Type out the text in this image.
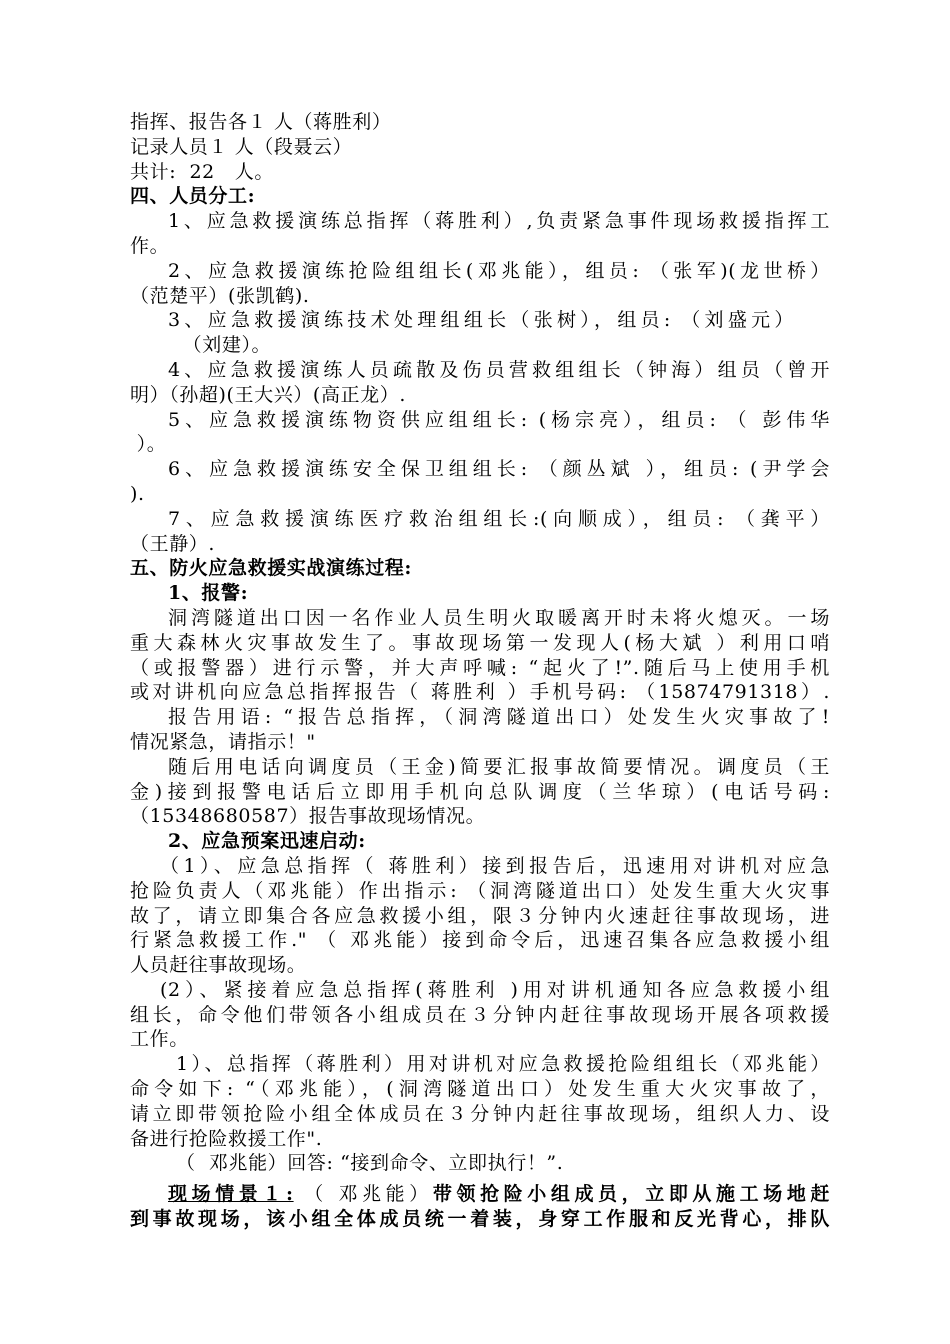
指挥、报告各１ 人（蒋胜利）
记录人员１ 人（段聂云）
共计:  22   人。
四、人员分工:
1、应急救援演练总指挥（蒋胜利）,负责紧急事件现场救援指挥工
作。
2、应急救援演练抢险组组长(邓兆能），组员: （张军)(龙世桥）
（范楚平）(张凯鹤).
3、应急救援演练技术处理组组长（张树），组员: （刘盛元）
（刘建）。
4、应急救援演练人员疏散及伤员营救组组长（钟海）组员（曾开
明）（孙超)(王大兴）(高正龙）.
5、应急救援演练物资供应组组长: (杨宗亮），组员: （ 彭伟华
）。
6、应急救援演练安全保卫组组长: （颜丛斌 ），组员: (尹学会
).
7、应急救援演练医疗救治组组长:(向顺成），组员: （龚平）
（王静）.
五、防火应急救援实战演练过程:
1、报警:
洞湾隧道出口因一名作业人员生明火取暖离开时未将火熄灭。一场
重大森林火灾事故发生了。事故现场第一发现人(杨大斌 ）利用口哨
（或报警器）进行示警，并大声呼喊: “起火了!”.随后马上使用手机
或对讲机向应急总指挥报告（ 蒋胜利 ）手机号码: （15874791318）.
报告用语: “报告总指挥，（洞湾隧道出口）处发生火灾事故了!
情况紧急，请指示！"
随后用电话向调度员（王金)简要汇报事故简要情况。调度员（王
金)接到报警电话后立即用手机向总队调度（兰华琼）(电话号码:
（15348680587）报告事故现场情况。
2、应急预案迅速启动:
（1）、应急总指挥（ 蒋胜利）接到报告后，迅速用对讲机对应急
抢险负责人（邓兆能）作出指示: （洞湾隧道出口）处发生重大火灾事
故了，请立即集合各应急救援小组，限３分钟内火速赶往事故现场，进
行紧急救援工作." （ 邓兆能）接到命令后，迅速召集各应急救援小组
人员赶往事故现场。
(2）、紧接着应急总指挥(蒋胜利 )用对讲机通知各应急救援小组
组长，命令他们带领各小组成员在３分钟内赶往事故现场开展各项救援
工作。
1）、总指挥（蒋胜利）用对讲机对应急救援抢险组组长（邓兆能）
命令如下: “（邓兆能），(洞湾隧道出口）处发生重大火灾事故了，
请立即带领抢险小组全体成员在３分钟内赶往事故现场，组织人力、设
备进行抢险救援工作".
（  邓兆能）回答: “接到命令、立即执行！”.
现场情景１: （ 邓兆能）带领抢险小组成员，立即从施工场地赶
到事故现场，该小组全体成员统一着装，身穿工作服和反光背心，排队
